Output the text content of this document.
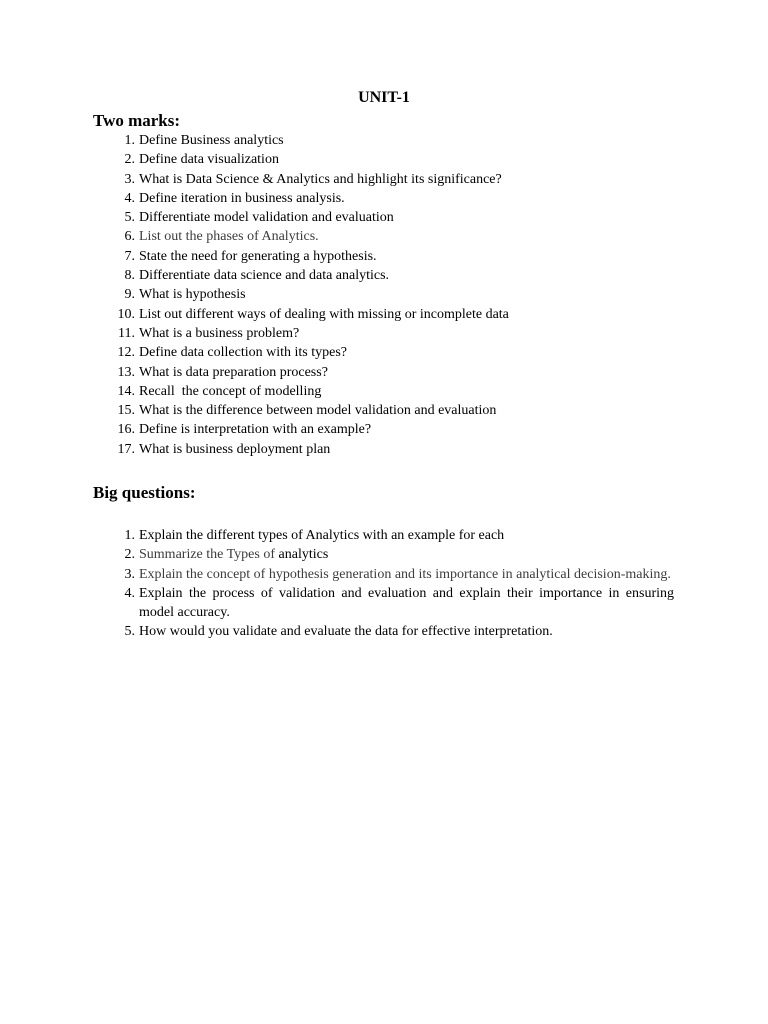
UNIT-1
Two marks:
1. Define Business analytics
2. Define data visualization
3. What is Data Science & Analytics and highlight its significance?
4. Define iteration in business analysis.
5. Differentiate model validation and evaluation
6. List out the phases of Analytics.
7. State the need for generating a hypothesis.
8. Differentiate data science and data analytics.
9. What is hypothesis
10. List out different ways of dealing with missing or incomplete data
11. What is a business problem?
12. Define data collection with its types?
13. What is data preparation process?
14. Recall  the concept of modelling
15. What is the difference between model validation and evaluation
16. Define is interpretation with an example?
17. What is business deployment plan
Big questions:
1. Explain the different types of Analytics with an example for each
2. Summarize the Types of analytics
3. Explain the concept of hypothesis generation and its importance in analytical decision-making.
4. Explain the process of validation and evaluation and explain their importance in ensuring model accuracy.
5. How would you validate and evaluate the data for effective interpretation.
